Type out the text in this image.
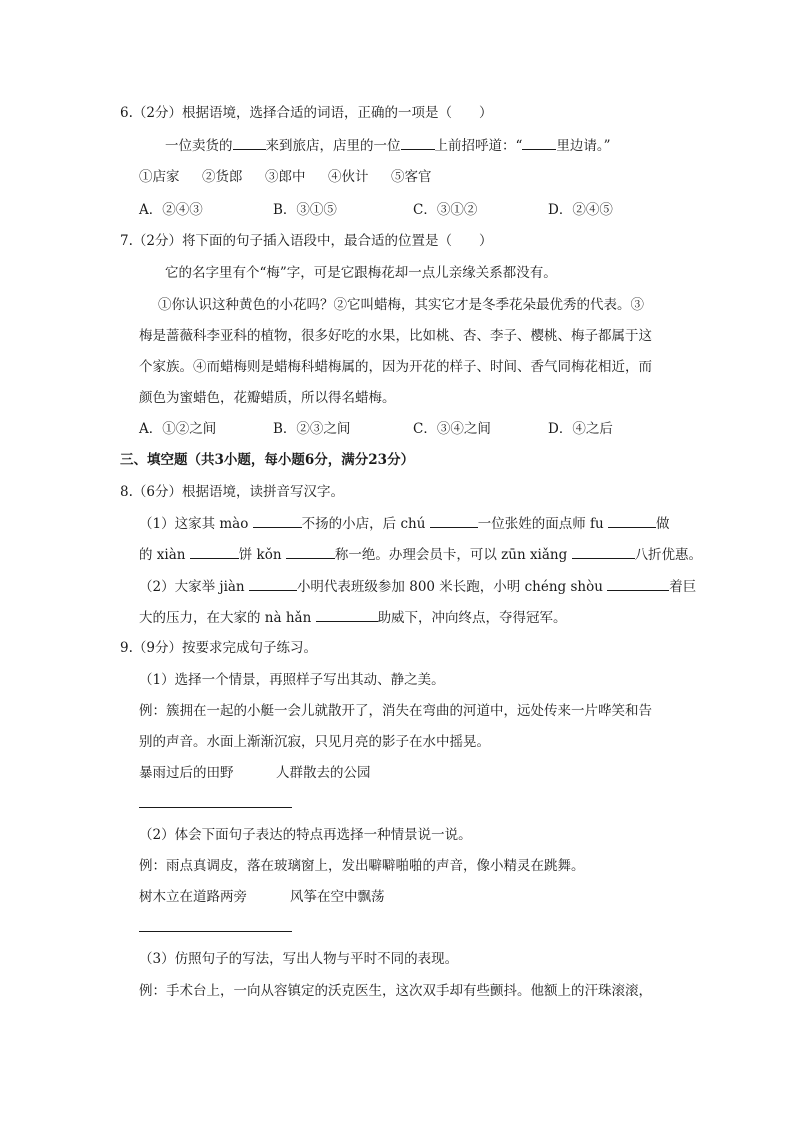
6.（2分）根据语境，选择合适的词语，正确的一项是（　　）
一位卖货的 来到旅店，店里的一位	上前招呼道：“	里边请。”
①店家 ②货郎 ③郎中 ④伙计 ⑤客官
A．②④③	B．③①⑤	C．③①②	D．②④⑤
7.（2分）将下面的句子插入语段中，最合适的位置是（　　）
它的名字里有个“梅”字，可是它跟梅花却一点儿亲缘关系都没有。
①你认识这种黄色的小花吗？②它叫蜡梅，其实它才是冬季花朵最优秀的代表。③
梅是蔷薇科李亚科的植物，很多好吃的水果，比如桃、杏、李子、樱桃、梅子都属于这
个家族。④而蜡梅则是蜡梅科蜡梅属的，因为开花的样子、时间、香气同梅花相近，而
颜色为蜜蜡色，花瓣蜡质，所以得名蜡梅。
A．①②之间	B．②③之间	C．③④之间	D．④之后
三、填空题（共3小题，每小题6分，满分23分）
8.（6分）根据语境，读拼音写汉字。
（1）这家其 mào	不扬的小店，后 chú	一位张姓的面点师 fu	做
的 xiàn	饼 kǒn	称一绝。办理会员卡，可以 zūn xiǎng	八折优惠。
（2）大家举 jiàn	小明代表班级参加 800 米长跑，小明 chéng shòu	着巨
大的压力，在大家的 nà hǎn	助威下，冲向终点，夺得冠军。
9.（9分）按要求完成句子练习。
（1）选择一个情景，再照样子写出其动、静之美。
例：簇拥在一起的小艇一会儿就散开了，消失在弯曲的河道中，远处传来一片哗笑和告
别的声音。水面上渐渐沉寂，只见月亮的影子在水中摇晃。
暴雨过后的田野	人群散去的公园
（2）体会下面句子表达的特点再选择一种情景说一说。
例：雨点真调皮，落在玻璃窗上，发出噼噼啪啪的声音，像小精灵在跳舞。
树木立在道路两旁	风筝在空中飘荡
（3）仿照句子的写法，写出人物与平时不同的表现。
例：手术台上，一向从容镇定的沃克医生，这次双手却有些颤抖。他额上的汗珠滚滚，
